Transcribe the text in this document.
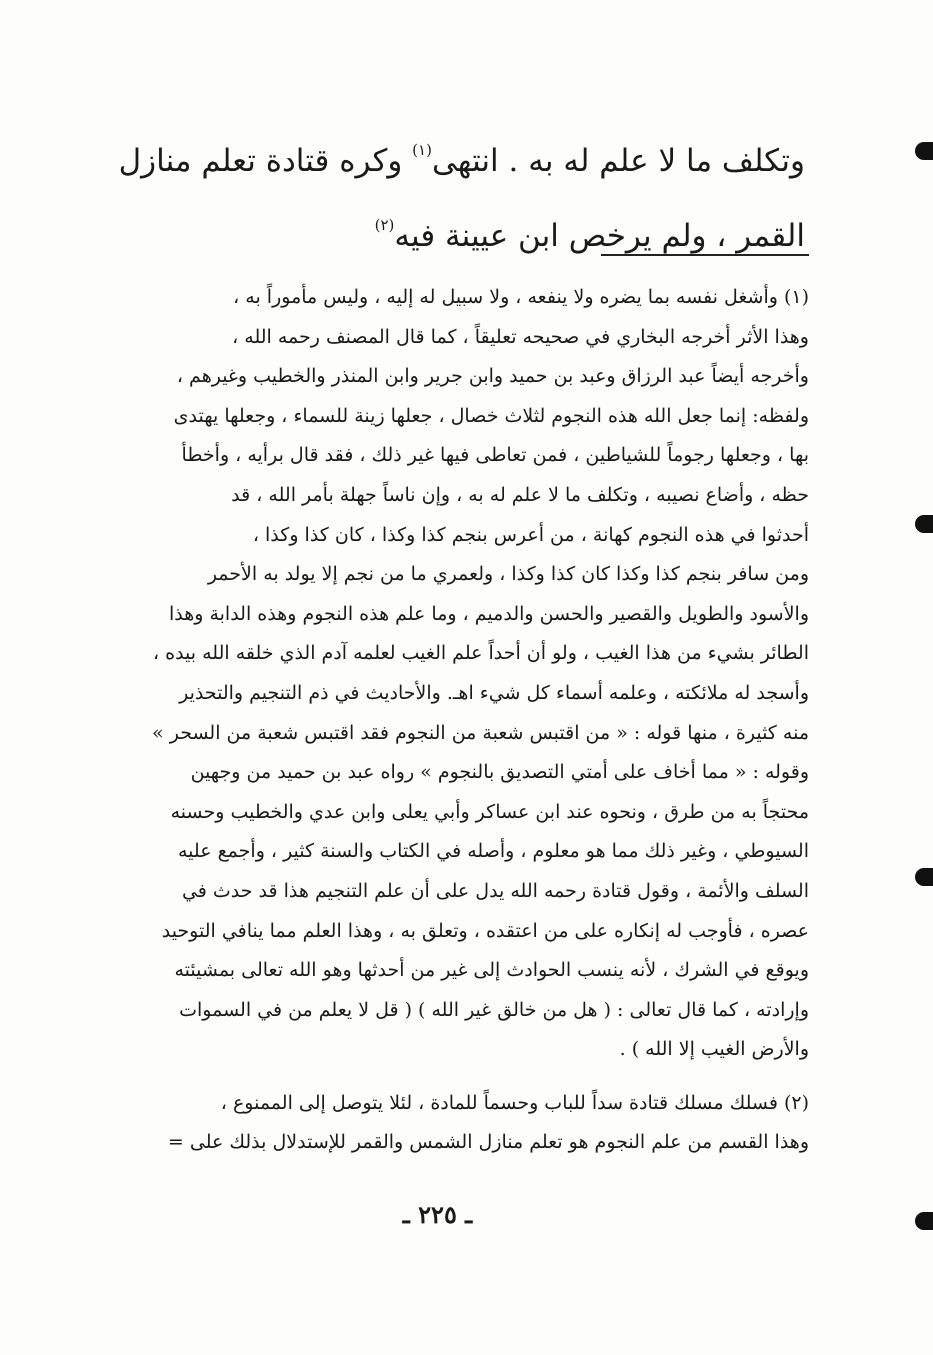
وتكلف ما لا علم له به . انتهى$^{(١)}$ وكره قتادة تعلم منازل

القمر ، ولم يرخص ابن عيينة فيه$^{(٢)}$

(١) وأشغل نفسه بما يضره ولا ينفعه ، ولا سبيل له إليه ، وليس مأموراً به ،

وهذا الأثر أخرجه البخاري في صحيحه تعليقاً ، كما قال المصنف رحمه الله ،

وأخرجه أيضاً عبد الرزاق وعبد بن حميد وابن جرير وابن المنذر والخطيب وغيرهم ،

ولفظه: إنما جعل الله هذه النجوم لثلاث خصال ، جعلها زينة للسماء ، وجعلها يهتدى

بها ، وجعلها رجوماً للشياطين ، فمن تعاطى فيها غير ذلك ، فقد قال برأيه ، وأخطأ

حظه ، وأضاع نصيبه ، وتكلف ما لا علم له به ، وإن ناساً جهلة بأمر الله ، قد

أحدثوا في هذه النجوم كهانة ، من أعرس بنجم كذا وكذا ، كان كذا وكذا ،

ومن سافر بنجم كذا وكذا كان كذا وكذا ، ولعمري ما من نجم إلا يولد به الأحمر

والأسود والطويل والقصير والحسن والدميم ، وما علم هذه النجوم وهذه الدابة وهذا

الطائر بشيء من هذا الغيب ، ولو أن أحداً علم الغيب لعلمه آدم الذي خلقه الله بيده ،

وأسجد له ملائكته ، وعلمه أسماء كل شيء اهـ. والأحاديث في ذم التنجيم والتحذير

منه كثيرة ، منها قوله : « من اقتبس شعبة من النجوم فقد اقتبس شعبة من السحر »

وقوله : « مما أخاف على أمتي التصديق بالنجوم » رواه عبد بن حميد من وجهين

محتجاً به من طرق ، ونحوه عند ابن عساكر وأبي يعلى وابن عدي والخطيب وحسنه

السيوطي ، وغير ذلك مما هو معلوم ، وأصله في الكتاب والسنة كثير ، وأجمع عليه

السلف والأئمة ، وقول قتادة رحمه الله يدل على أن علم التنجيم هذا قد حدث في

عصره ، فأوجب له إنكاره على من اعتقده ، وتعلق به ، وهذا العلم مما ينافي التوحيد

ويوقع في الشرك ، لأنه ينسب الحوادث إلى غير من أحدثها وهو الله تعالى بمشيئته

وإرادته ، كما قال تعالى : ( هل من خالق غير الله ) ( قل لا يعلم من في السموات

والأرض الغيب إلا الله ) .

(٢) فسلك مسلك قتادة سداً للباب وحسماً للمادة ، لئلا يتوصل إلى الممنوع ،

وهذا القسم من علم النجوم هو تعلم منازل الشمس والقمر للإستدلال بذلك على =

ـ ٢٢٥ ـ
